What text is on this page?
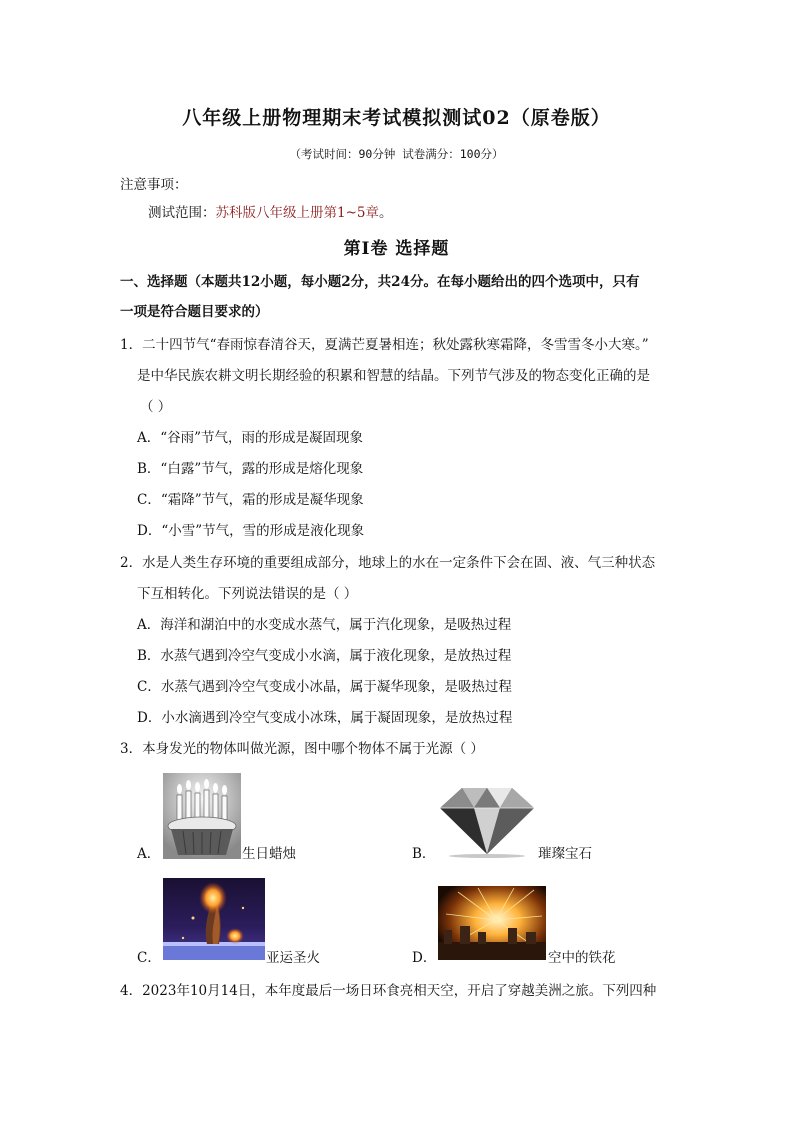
八年级上册物理期末考试模拟测试02（原卷版）
（考试时间：90分钟 试卷满分：100分）
注意事项：
测试范围：苏科版八年级上册第1~5章。
第Ⅰ卷 选择题
一、选择题（本题共12小题，每小题2分，共24分。在每小题给出的四个选项中，只有
一项是符合题目要求的）
1．二十四节气“春雨惊春清谷天，夏满芒夏暑相连；秋处露秋寒霜降，冬雪雪冬小大寒。”
是中华民族农耕文明长期经验的积累和智慧的结晶。下列节气涉及的物态变化正确的是
（ ）
A．“谷雨”节气，雨的形成是凝固现象
B．“白露”节气，露的形成是熔化现象
C．“霜降”节气，霜的形成是凝华现象
D．“小雪”节气，雪的形成是液化现象
2．水是人类生存环境的重要组成部分，地球上的水在一定条件下会在固、液、气三种状态
下互相转化。下列说法错误的是（ ）
A．海洋和湖泊中的水变成水蒸气，属于汽化现象，是吸热过程
B．水蒸气遇到冷空气变成小水滴，属于液化现象，是放热过程
C．水蒸气遇到冷空气变成小冰晶，属于凝华现象，是吸热过程
D．小水滴遇到冷空气变成小冰珠，属于凝固现象，是放热过程
3．本身发光的物体叫做光源，图中哪个物体不属于光源（ ）
A．	生日蜡烛	B．	璀璨宝石
C．	亚运圣火	D．	空中的铁花
4．2023年10月14日，本年度最后一场日环食亮相天空，开启了穿越美洲之旅。下列四种
